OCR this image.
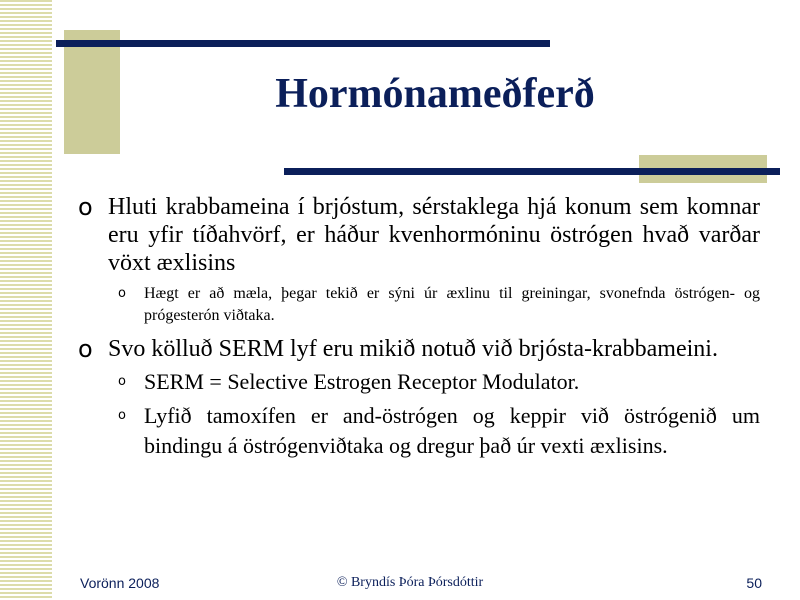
Hormónameðferð
o Hluti krabbameina í brjóstum, sérstaklega hjá konum sem komnar eru yfir tíðahvörf, er háður kvenhormóninu östrógen hvað varðar vöxt æxlisins
o Hægt er að mæla, þegar tekið er sýni úr æxlinu til greiningar, svonefnda östrógen- og prógesterón viðtaka.
o Svo kölluð SERM lyf eru mikið notuð við brjósta-krabbameini.
o SERM = Selective Estrogen Receptor Modulator.
o Lyfið tamoxífen er and-östrógen og keppir við östrógenið um bindingu á östrógenviðtaka og dregur það úr vexti æxlisins.
Vorönn 2008	© Bryndís Þóra Þórsdóttir	50
